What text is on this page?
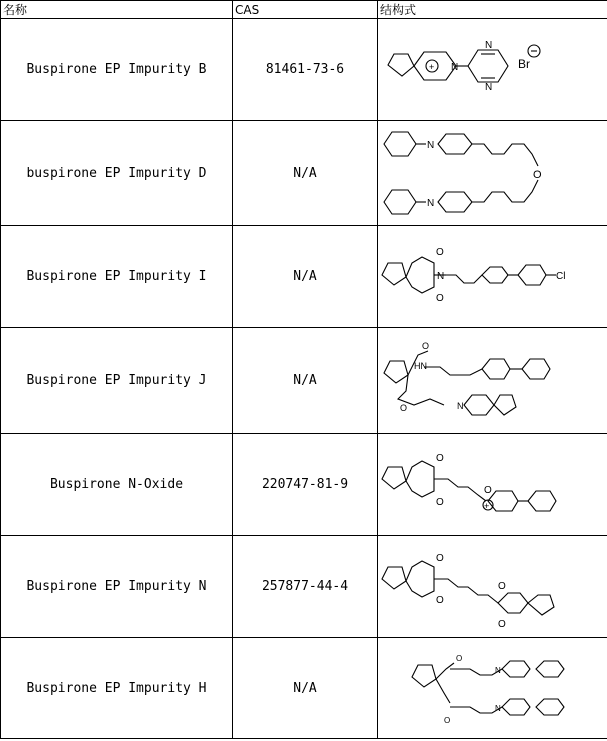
名称	CAS	结构式
Buspirone EP Impurity B	81461-73-6	+ N
N
N
Br

buspirone EP Impurity D	N/A	O
N
N

Buspirone EP Impurity I	N/A	Cl
O
O
N

Buspirone EP Impurity J	N/A	HN
O
O N

Buspirone N-Oxide	220747-81-9	O
O
O
+

Buspirone EP Impurity N	257877-44-4	O
O
O
O

Buspirone EP Impurity H	N/A	O
O
N
N
